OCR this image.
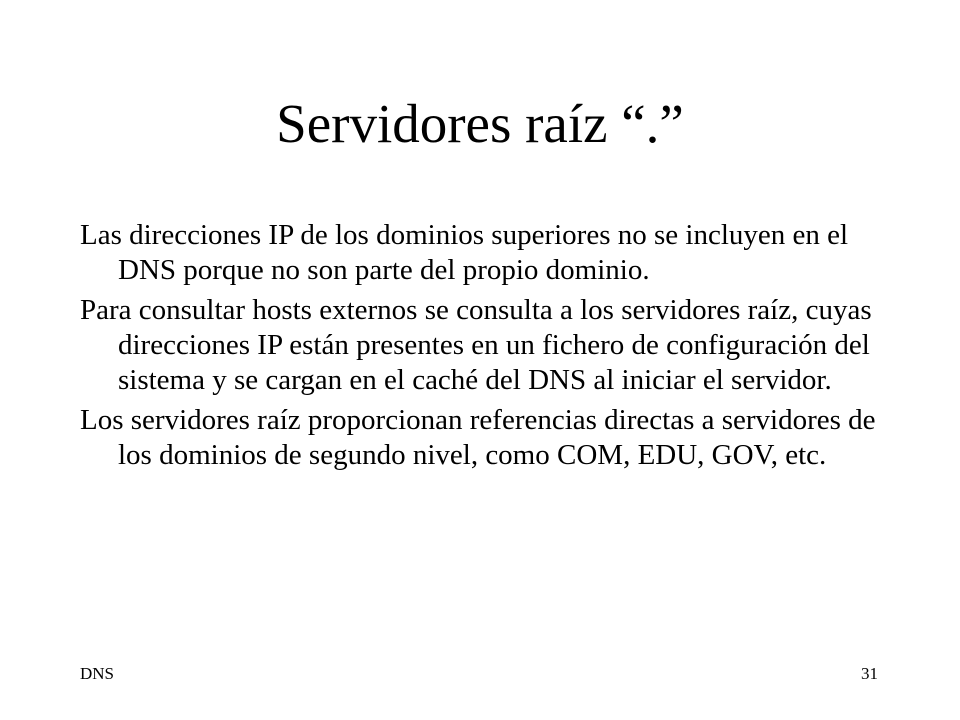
Servidores raíz “.”
Las direcciones IP de los dominios superiores no se incluyen en el DNS porque no son parte del propio dominio.
Para consultar hosts externos se consulta a los servidores raíz, cuyas direcciones IP están presentes en un fichero de configuración del sistema y se cargan en el caché del DNS al iniciar el servidor.
Los servidores raíz proporcionan referencias directas a servidores de los dominios de segundo nivel, como COM, EDU, GOV, etc.
DNS	31
